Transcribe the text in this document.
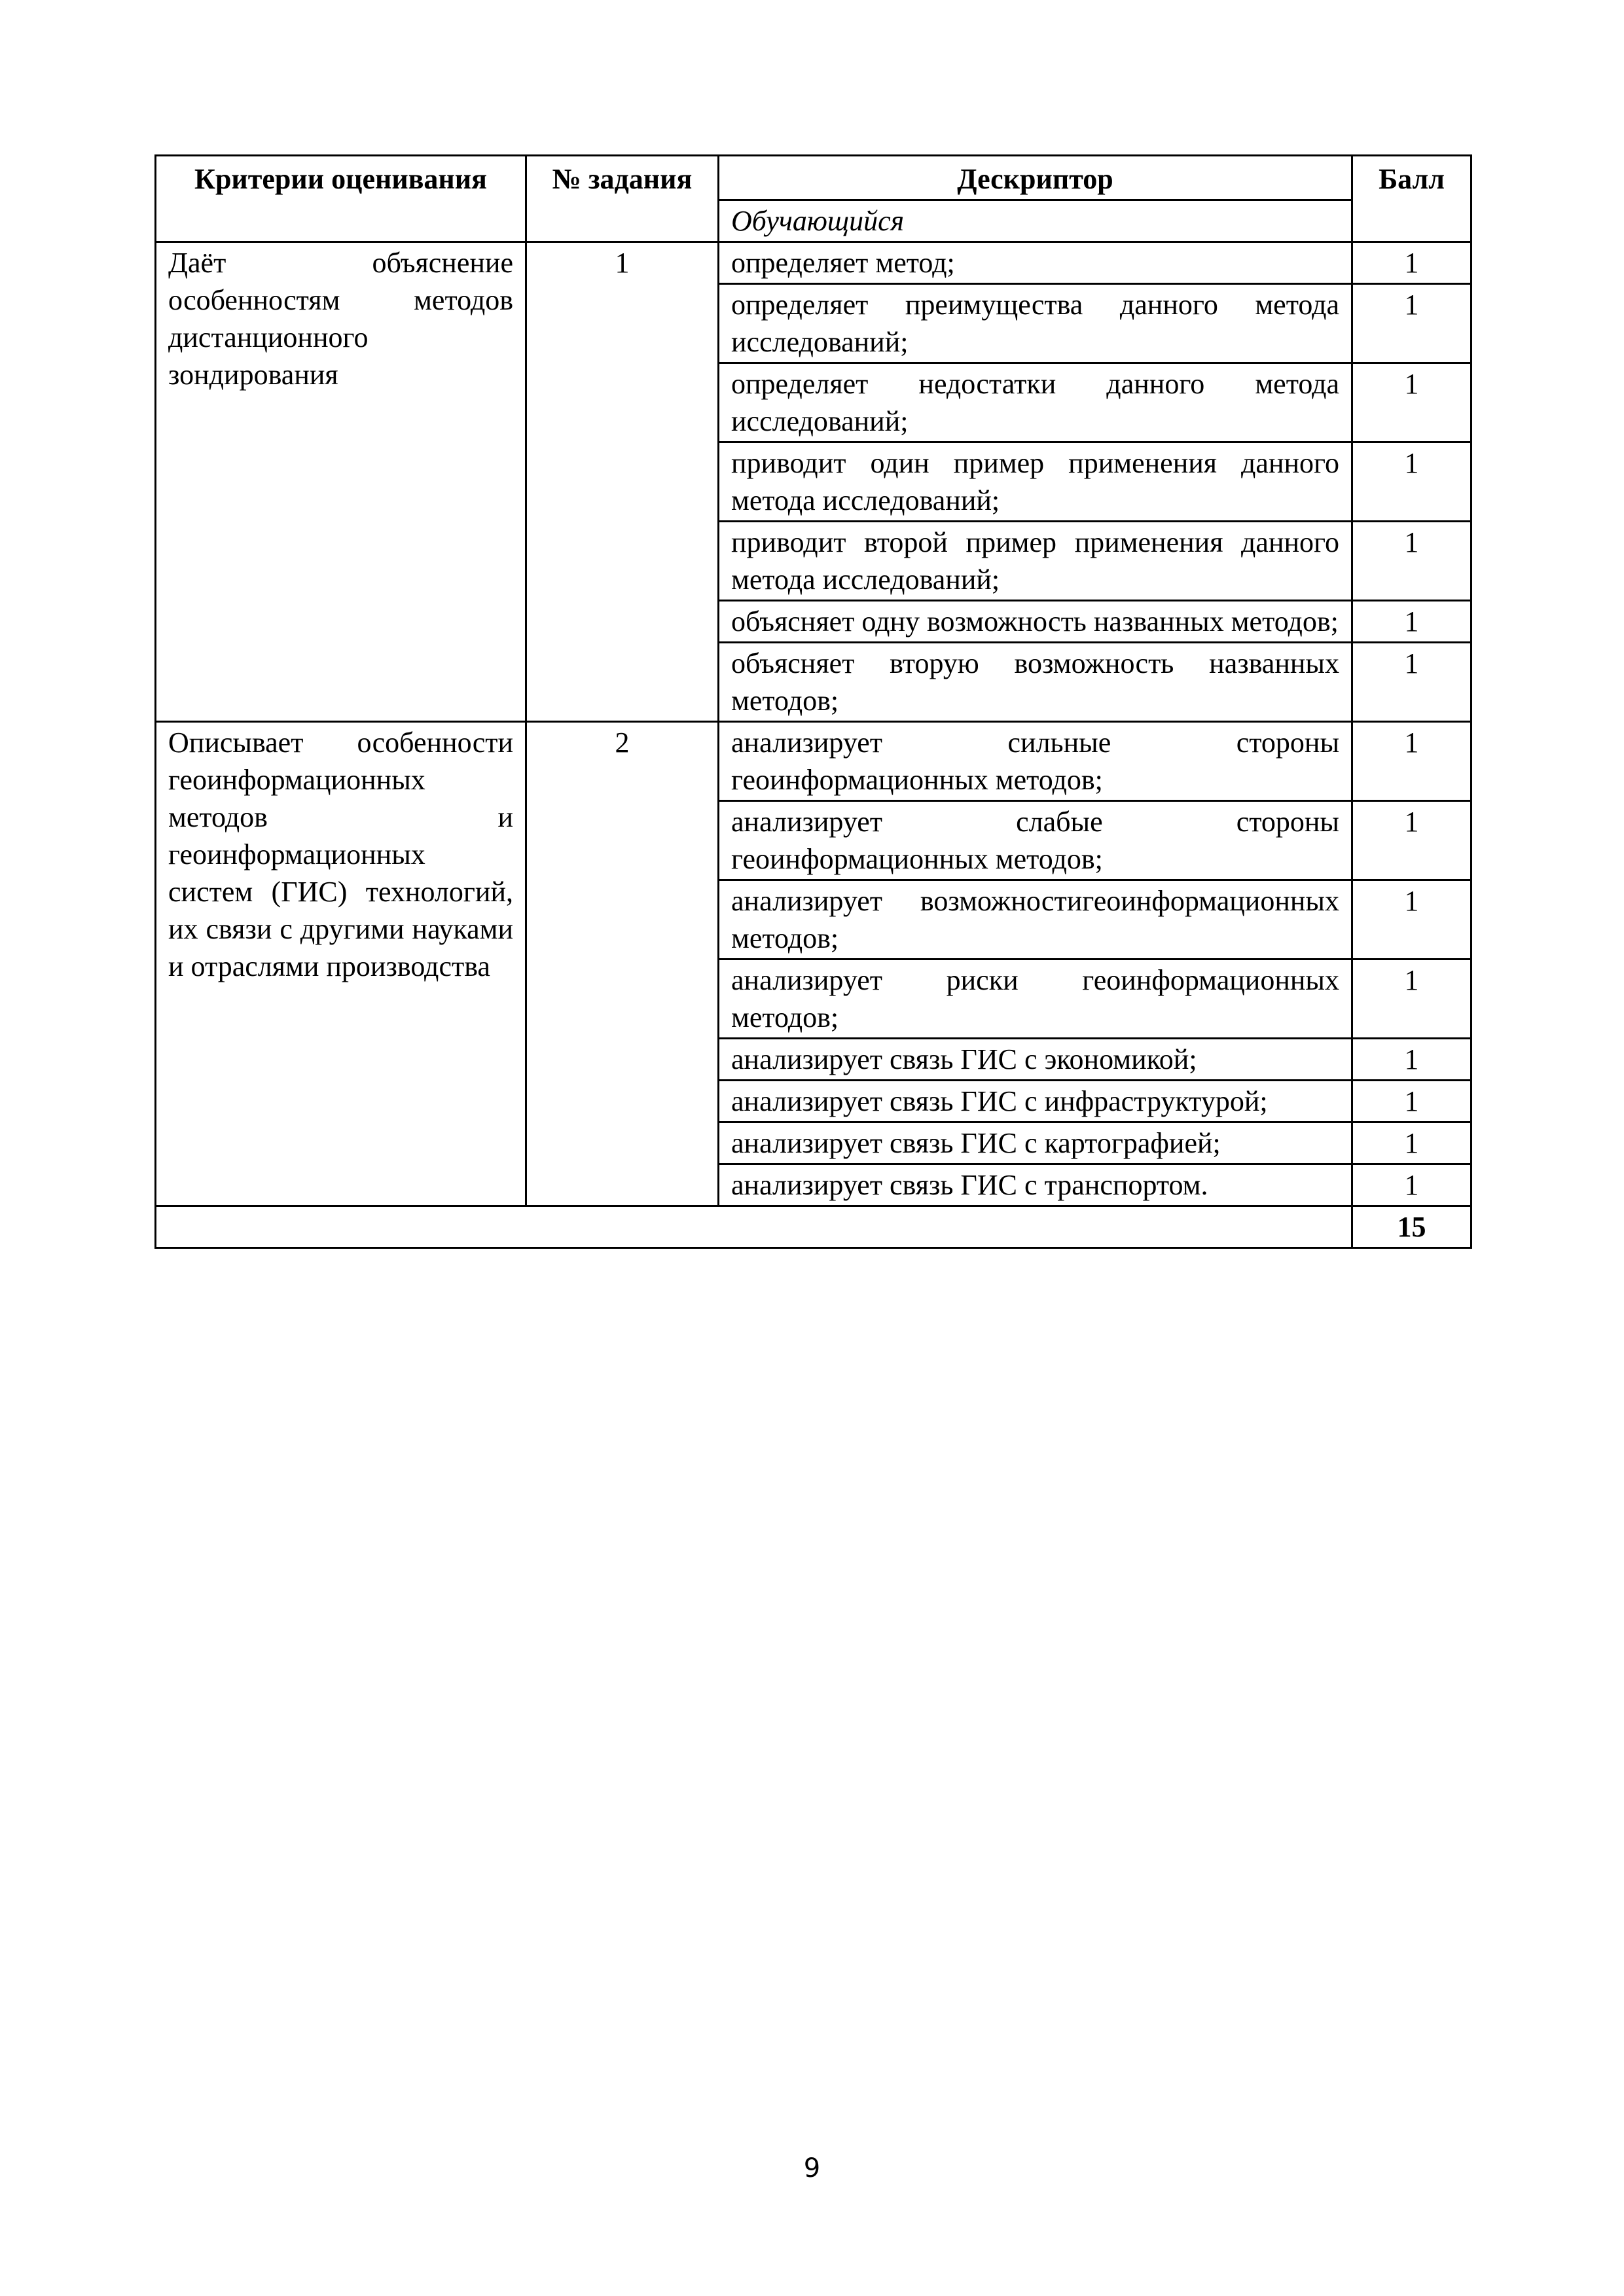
Критерии оценивания	№ задания	Дескриптор	Балл
		Обучающийся	
Даёт объяснение особенностям методов дистанционного зондирования	1	определяет метод;	1
		определяет преимущества данного метода исследований;	1
		определяет недостатки данного метода исследований;	1
		приводит один пример применения данного метода исследований;	1
		приводит второй пример применения данного метода исследований;	1
		объясняет одну возможность названных методов;	1
		объясняет вторую возможность названных методов;	1
Описывает особенности геоинформационных методов и геоинформационных систем (ГИС) технологий, их связи с другими науками и отраслями производства	2	анализирует сильные стороны геоинформационных методов;	1
		анализирует слабые стороны геоинформационных методов;	1
		анализирует возможностигеоинформационных методов;	1
		анализирует риски геоинформационных методов;	1
		анализирует связь ГИС с экономикой;	1
		анализирует связь ГИС с инфраструктурой;	1
		анализирует связь ГИС с картографией;	1
		анализирует связь ГИС с транспортом.	1
			15
9
